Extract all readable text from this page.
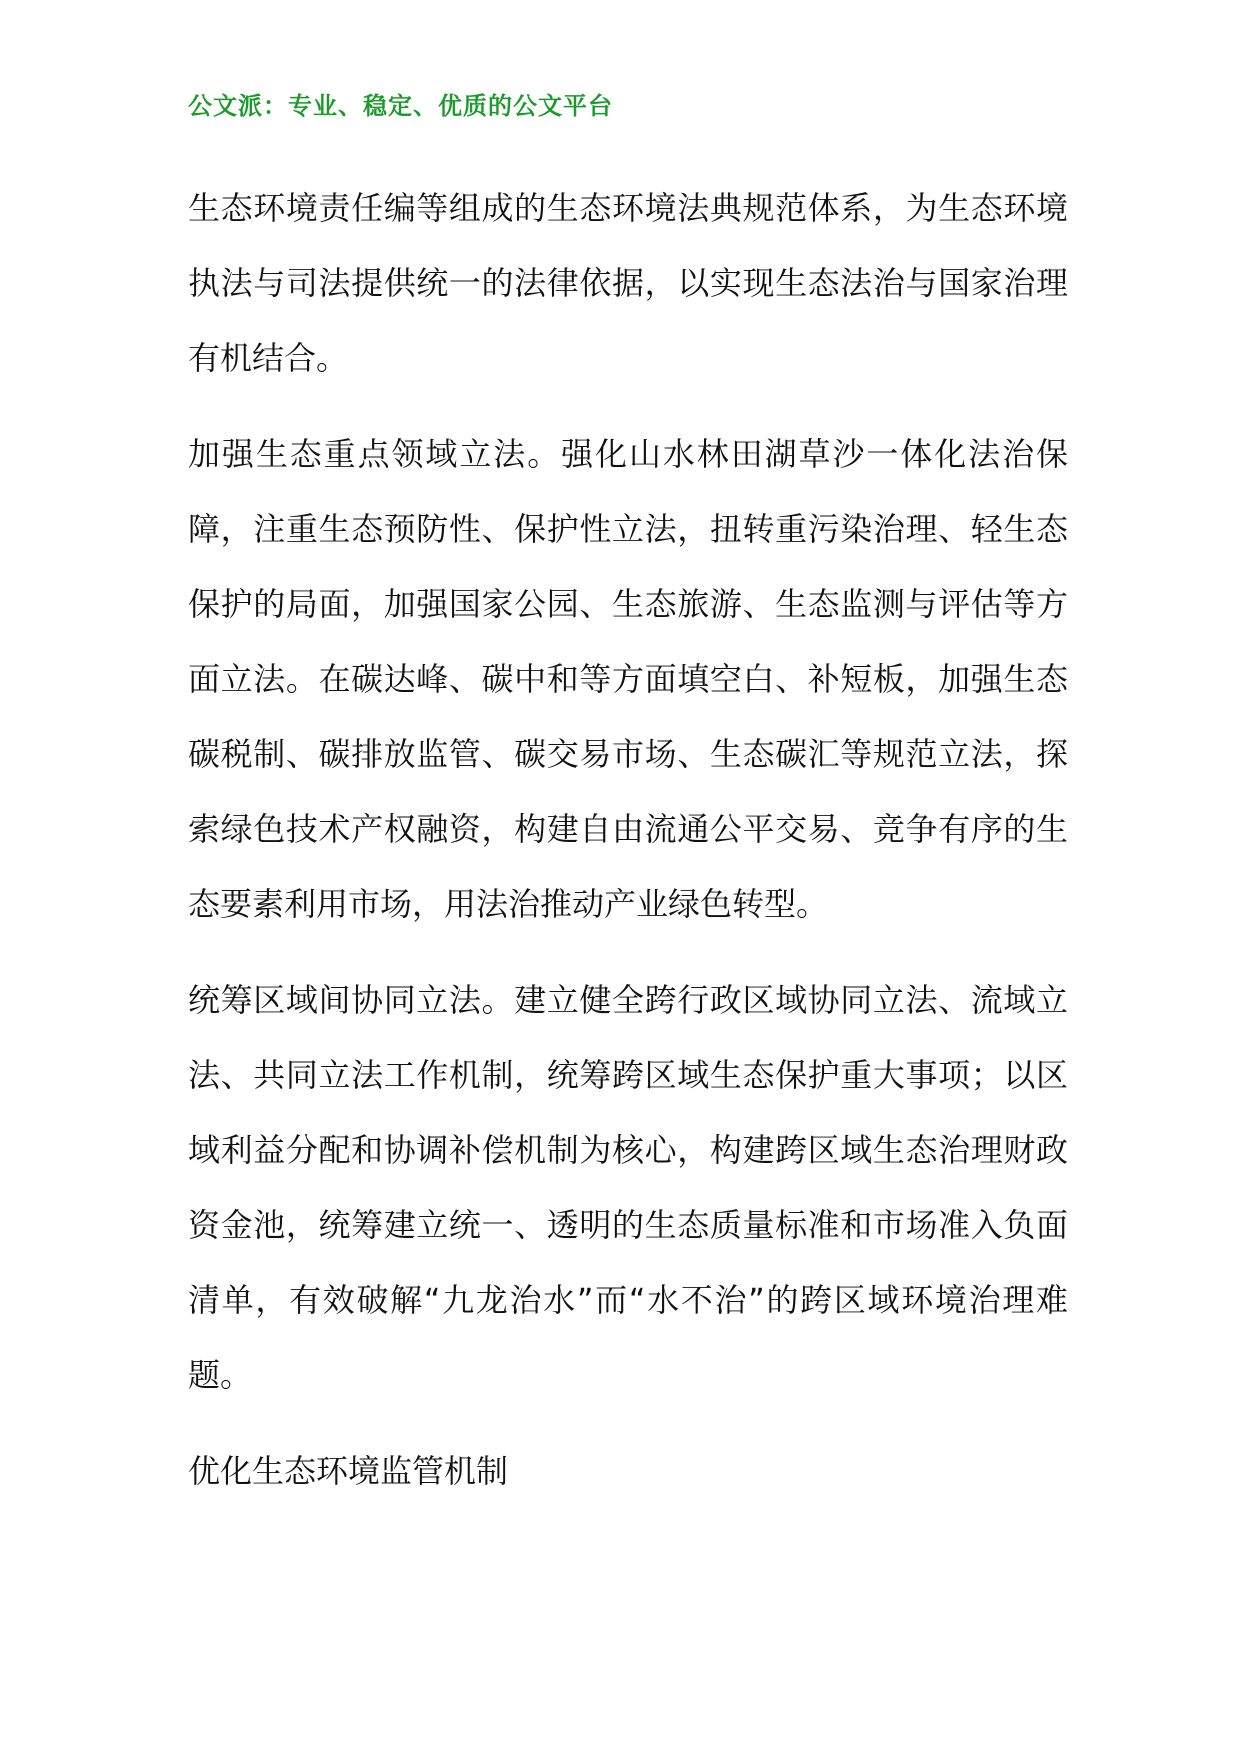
公文派：专业、稳定、优质的公文平台

生态环境责任编等组成的生态环境法典规范体系，为生态环境执法与司法提供统一的法律依据，以实现生态法治与国家治理有机结合。

加强生态重点领域立法。强化山水林田湖草沙一体化法治保障，注重生态预防性、保护性立法，扭转重污染治理、轻生态保护的局面，加强国家公园、生态旅游、生态监测与评估等方面立法。在碳达峰、碳中和等方面填空白、补短板，加强生态碳税制、碳排放监管、碳交易市场、生态碳汇等规范立法，探索绿色技术产权融资，构建自由流通公平交易、竞争有序的生态要素利用市场，用法治推动产业绿色转型。

统筹区域间协同立法。建立健全跨行政区域协同立法、流域立法、共同立法工作机制，统筹跨区域生态保护重大事项；以区域利益分配和协调补偿机制为核心，构建跨区域生态治理财政资金池，统筹建立统一、透明的生态质量标准和市场准入负面清单，有效破解“九龙治水”而“水不治”的跨区域环境治理难题。

优化生态环境监管机制
